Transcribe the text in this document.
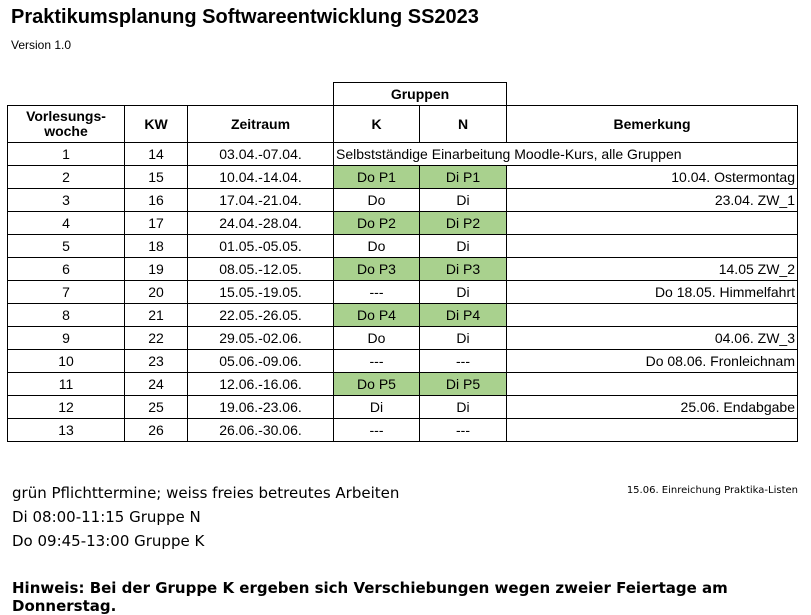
Praktikumsplanung Softwareentwicklung SS2023
Version 1.0
			Gruppen		
Vorlesungs-woche	KW	Zeitraum	K	N	Bemerkung
1	14	03.04.-07.04.	Selbstständige Einarbeitung Moodle-Kurs, alle Gruppen		
2	15	10.04.-14.04.	Do P1	Di P1	10.04. Ostermontag
3	16	17.04.-21.04.	Do	Di	23.04. ZW_1
4	17	24.04.-28.04.	Do P2	Di P2	
5	18	01.05.-05.05.	Do	Di	
6	19	08.05.-12.05.	Do P3	Di P3	14.05 ZW_2
7	20	15.05.-19.05.	---	Di	Do 18.05. Himmelfahrt
8	21	22.05.-26.05.	Do P4	Di P4	
9	22	29.05.-02.06.	Do	Di	04.06. ZW_3
10	23	05.06.-09.06.	---	---	Do 08.06. Fronleichnam
11	24	12.06.-16.06.	Do P5	Di P5	
12	25	19.06.-23.06.	Di	Di	25.06. Endabgabe
13	26	26.06.-30.06.	---	---	
grün Pflichttermine; weiss freies betreutes Arbeiten
Di 08:00-11:15 Gruppe N
Do 09:45-13:00 Gruppe K
15.06. Einreichung Praktika-Listen
Hinweis: Bei der Gruppe K ergeben sich Verschiebungen wegen zweier Feiertage am Donnerstag.
